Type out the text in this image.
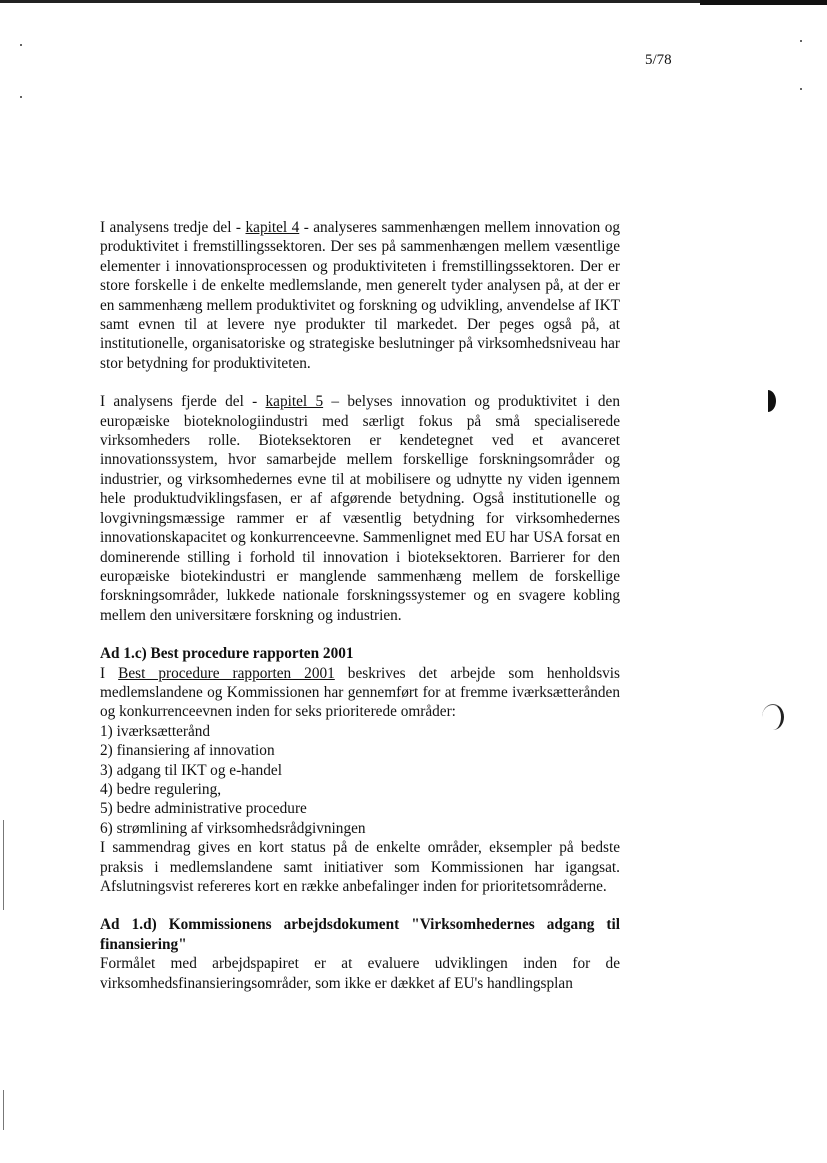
5/78

I analysens tredje del - kapitel 4 - analyseres sammenhængen mellem innovation og produktivitet i fremstillingssektoren. Der ses på sammenhængen mellem væsentlige elementer i innovationsprocessen og produktiviteten i fremstillingssektoren. Der er store forskelle i de enkelte medlemslande, men generelt tyder analysen på, at der er en sammenhæng mellem produktivitet og forskning og udvikling, anvendelse af IKT samt evnen til at levere nye produkter til markedet. Der peges også på, at institutionelle, organisatoriske og strategiske beslutninger på virksomhedsniveau har stor betydning for produktiviteten.

I analysens fjerde del - kapitel 5 – belyses innovation og produktivitet i den europæiske bioteknologiindustri med særligt fokus på små specialiserede virksomheders rolle. Bioteksektoren er kendetegnet ved et avanceret innovationssystem, hvor samarbejde mellem forskellige forskningsområder og industrier, og virksomhedernes evne til at mobilisere og udnytte ny viden igennem hele produktudviklingsfasen, er af afgørende betydning. Også institutionelle og lovgivningsmæssige rammer er af væsentlig betydning for virksomhedernes innovationskapacitet og konkurrenceevne. Sammenlignet med EU har USA forsat en dominerende stilling i forhold til innovation i bioteksektoren. Barrierer for den europæiske biotekindustri er manglende sammenhæng mellem de forskellige forskningsområder, lukkede nationale forskningssystemer og en svagere kobling mellem den universitære forskning og industrien.

Ad 1.c) Best procedure rapporten 2001

I Best procedure rapporten 2001 beskrives det arbejde som henholdsvis medlemslandene og Kommissionen har gennemført for at fremme iværksætterånden og konkurrenceevnen inden for seks prioriterede områder:

1) iværksætterånd
2) finansiering af innovation
3) adgang til IKT og e-handel
4) bedre regulering,
5) bedre administrative procedure
6) strømlining af virksomhedsrådgivningen

I sammendrag gives en kort status på de enkelte områder, eksempler på bedste praksis i medlemslandene samt initiativer som Kommissionen har igangsat. Afslutningsvist refereres kort en række anbefalinger inden for prioritetsområderne.

Ad 1.d) Kommissionens arbejdsdokument "Virksomhedernes adgang til finansiering"

Formålet med arbejdspapiret er at evaluere udviklingen inden for de virksomhedsfinansieringsområder, som ikke er dækket af EU's handlingsplan
